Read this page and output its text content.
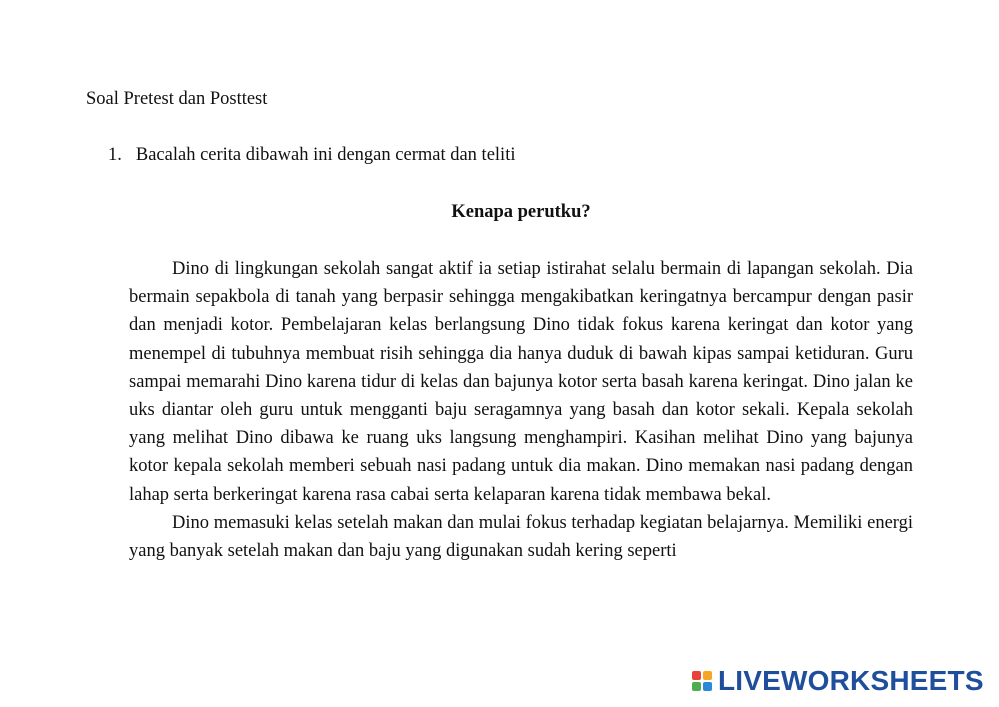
Soal Pretest dan Posttest
1. Bacalah cerita dibawah ini dengan cermat dan teliti
Kenapa perutku?

Dino di lingkungan sekolah sangat aktif ia setiap istirahat selalu bermain di lapangan sekolah. Dia bermain sepakbola di tanah yang berpasir sehingga mengakibatkan keringatnya bercampur dengan pasir dan menjadi kotor. Pembelajaran kelas berlangsung Dino tidak fokus karena keringat dan kotor yang menempel di tubuhnya membuat risih sehingga dia hanya duduk di bawah kipas sampai ketiduran. Guru sampai memarahi Dino karena tidur di kelas dan bajunya kotor serta basah karena keringat. Dino jalan ke uks diantar oleh guru untuk mengganti baju seragamnya yang basah dan kotor sekali. Kepala sekolah yang melihat Dino dibawa ke ruang uks langsung menghampiri. Kasihan melihat Dino yang bajunya kotor kepala sekolah memberi sebuah nasi padang untuk dia makan. Dino memakan nasi padang dengan lahap serta berkeringat karena rasa cabai serta kelaparan karena tidak membawa bekal.

Dino memasuki kelas setelah makan dan mulai fokus terhadap kegiatan belajarnya. Memiliki energi yang banyak setelah makan dan baju yang digunakan sudah kering seperti

LIVEWORKSHEETS
